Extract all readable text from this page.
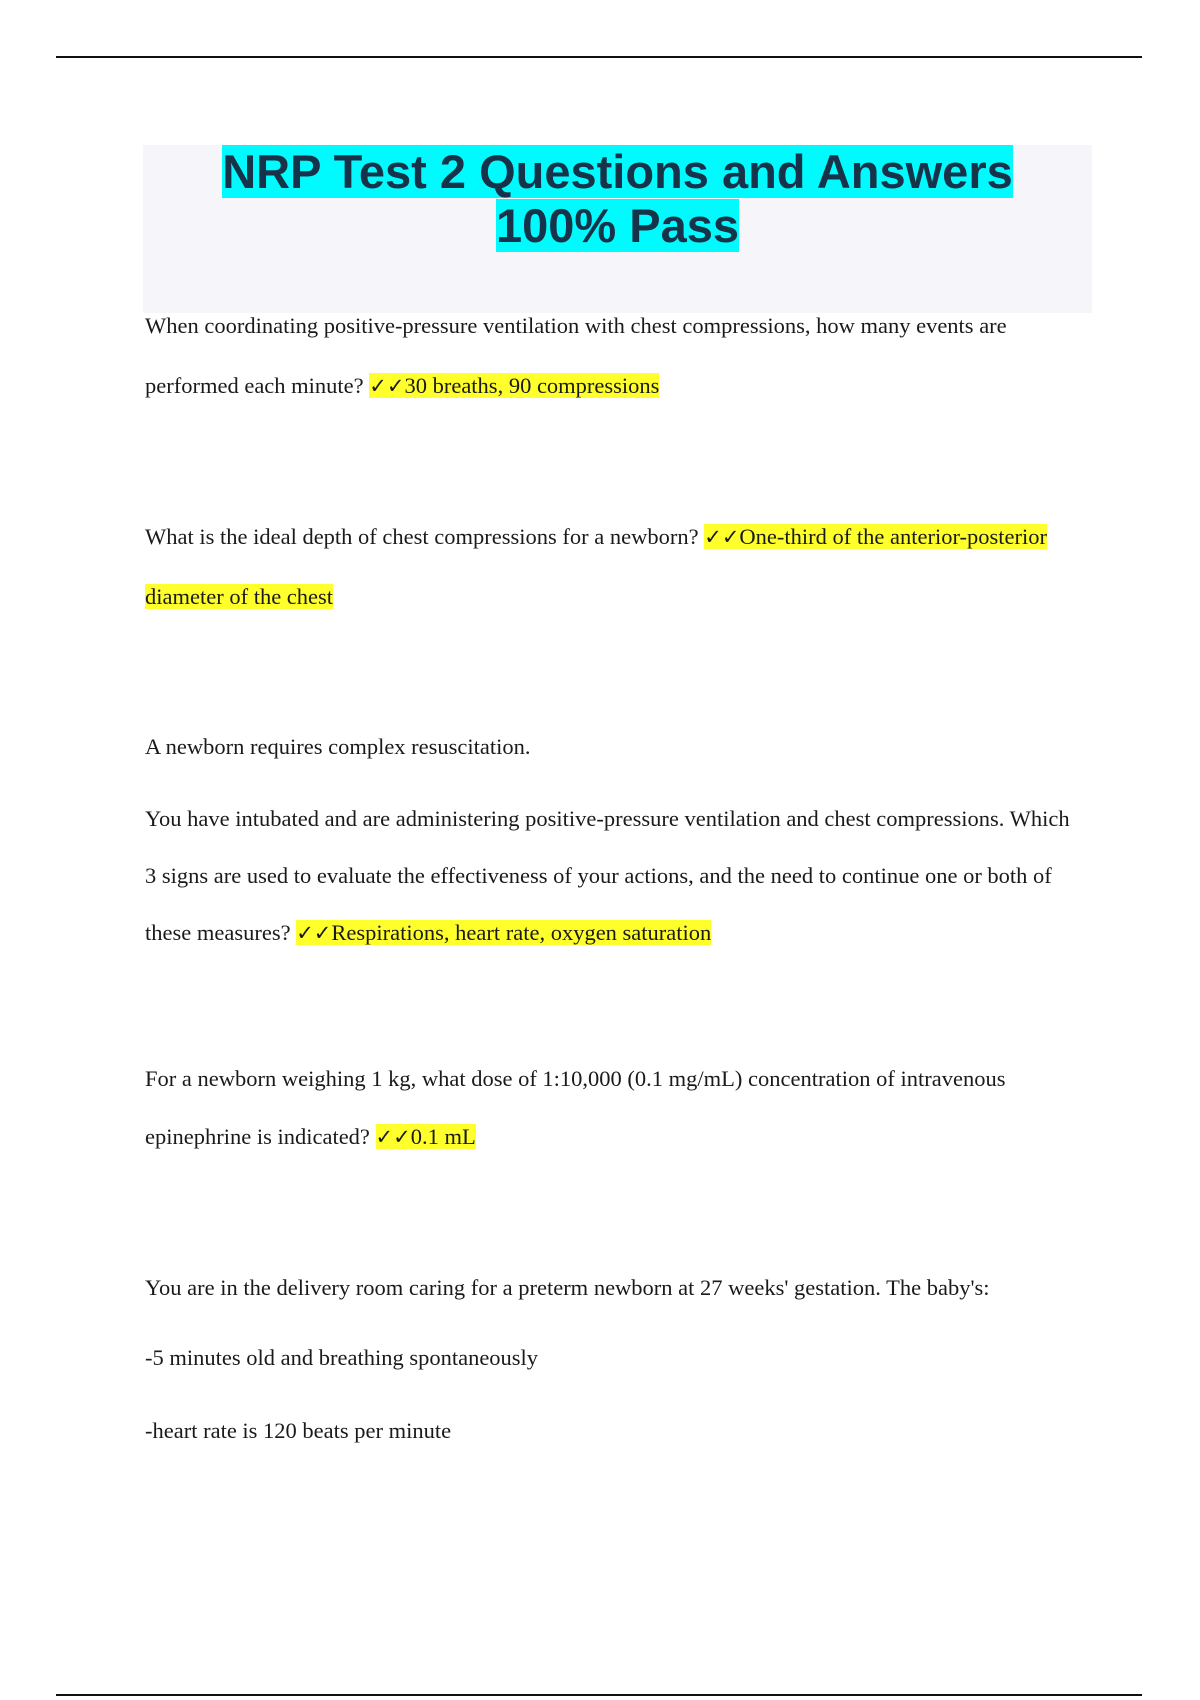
NRP Test 2 Questions and Answers
100% Pass

When coordinating positive-pressure ventilation with chest compressions, how many events are performed each minute? ✓✓30 breaths, 90 compressions

What is the ideal depth of chest compressions for a newborn? ✓✓One-third of the anterior-posterior diameter of the chest

A newborn requires complex resuscitation.

You have intubated and are administering positive-pressure ventilation and chest compressions. Which 3 signs are used to evaluate the effectiveness of your actions, and the need to continue one or both of these measures? ✓✓Respirations, heart rate, oxygen saturation

For a newborn weighing 1 kg, what dose of 1:10,000 (0.1 mg/mL) concentration of intravenous epinephrine is indicated? ✓✓0.1 mL

You are in the delivery room caring for a preterm newborn at 27 weeks' gestation. The baby's:

-5 minutes old and breathing spontaneously

-heart rate is 120 beats per minute
